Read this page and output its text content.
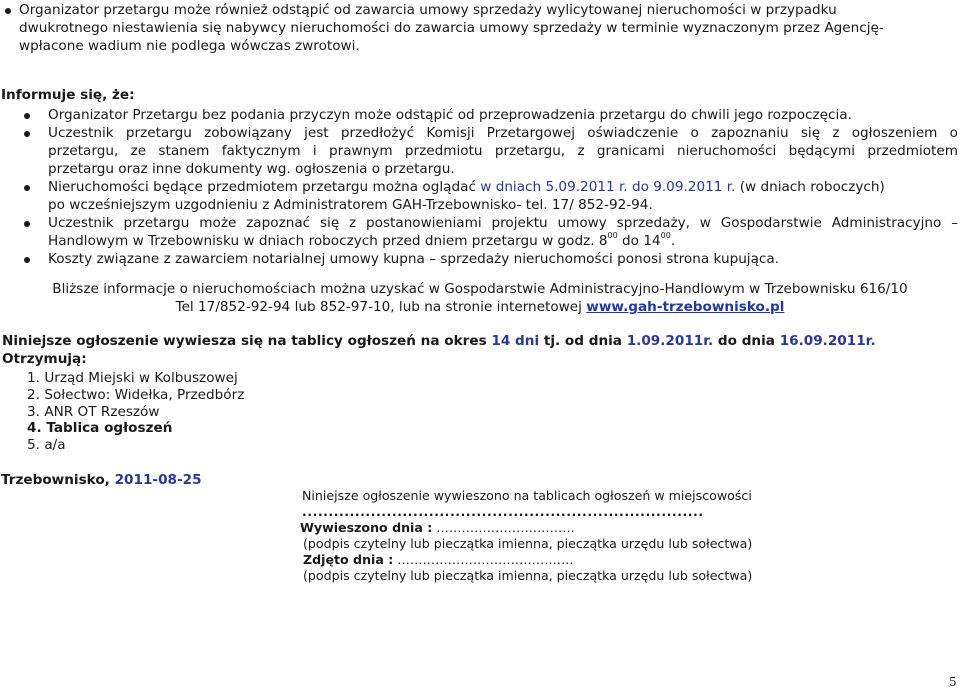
Organizator przetargu może również odstąpić od zawarcia umowy sprzedaży wylicytowanej nieruchomości w przypadku
dwukrotnego niestawienia się nabywcy nieruchomości do zawarcia umowy sprzedaży w terminie wyznaczonym przez Agencję-
wpłacone wadium nie podlega wówczas zwrotowi.
Informuje się, że:
Organizator Przetargu bez podania przyczyn może odstąpić od przeprowadzenia przetargu do chwili jego rozpoczęcia.
Uczestnik przetargu zobowiązany jest przedłożyć Komisji Przetargowej oświadczenie o zapoznaniu się z ogłoszeniem o
przetargu, ze stanem faktycznym i prawnym przedmiotu przetargu, z granicami nieruchomości będącymi przedmiotem
przetargu oraz inne dokumenty wg. ogłoszenia o przetargu.
Nieruchomości będące przedmiotem przetargu można oglądać w dniach 5.09.2011 r. do 9.09.2011 r. (w dniach roboczych)
po wcześniejszym uzgodnieniu z Administratorem GAH-Trzebownisko- tel. 17/ 852-92-94.
Uczestnik przetargu może zapoznać się z postanowieniami projektu umowy sprzedaży, w Gospodarstwie Administracyjno –
Handlowym w Trzebownisku w dniach roboczych przed dniem przetargu w godz. $8^{00}$ do $14^{00}$.
Koszty związane z zawarciem notarialnej umowy kupna – sprzedaży nieruchomości ponosi strona kupująca.
Bliższe informacje o nieruchomościach można uzyskać w Gospodarstwie Administracyjno-Handlowym w Trzebownisku 616/10
Tel 17/852-92-94 lub 852-97-10, lub na stronie internetowej www.gah-trzebownisko.pl
Niniejsze ogłoszenie wywiesza się na tablicy ogłoszeń na okres 14 dni tj. od dnia 1.09.2011r. do dnia 16.09.2011r.
Otrzymują:
1. Urząd Miejski w Kolbuszowej
2. Sołectwo: Widełka, Przedbórz
3. ANR OT Rzeszów
4. Tablica ogłoszeń
5. a/a
Trzebownisko, 2011-08-25
Niniejsze ogłoszenie wywieszono na tablicach ogłoszeń w miejscowości
............................................................................
Wywieszono dnia : ……………………………
(podpis czytelny lub pieczątka imienna, pieczątka urzędu lub sołectwa)
Zdjęto dnia : ……………………………………
(podpis czytelny lub pieczątka imienna, pieczątka urzędu lub sołectwa)
5
